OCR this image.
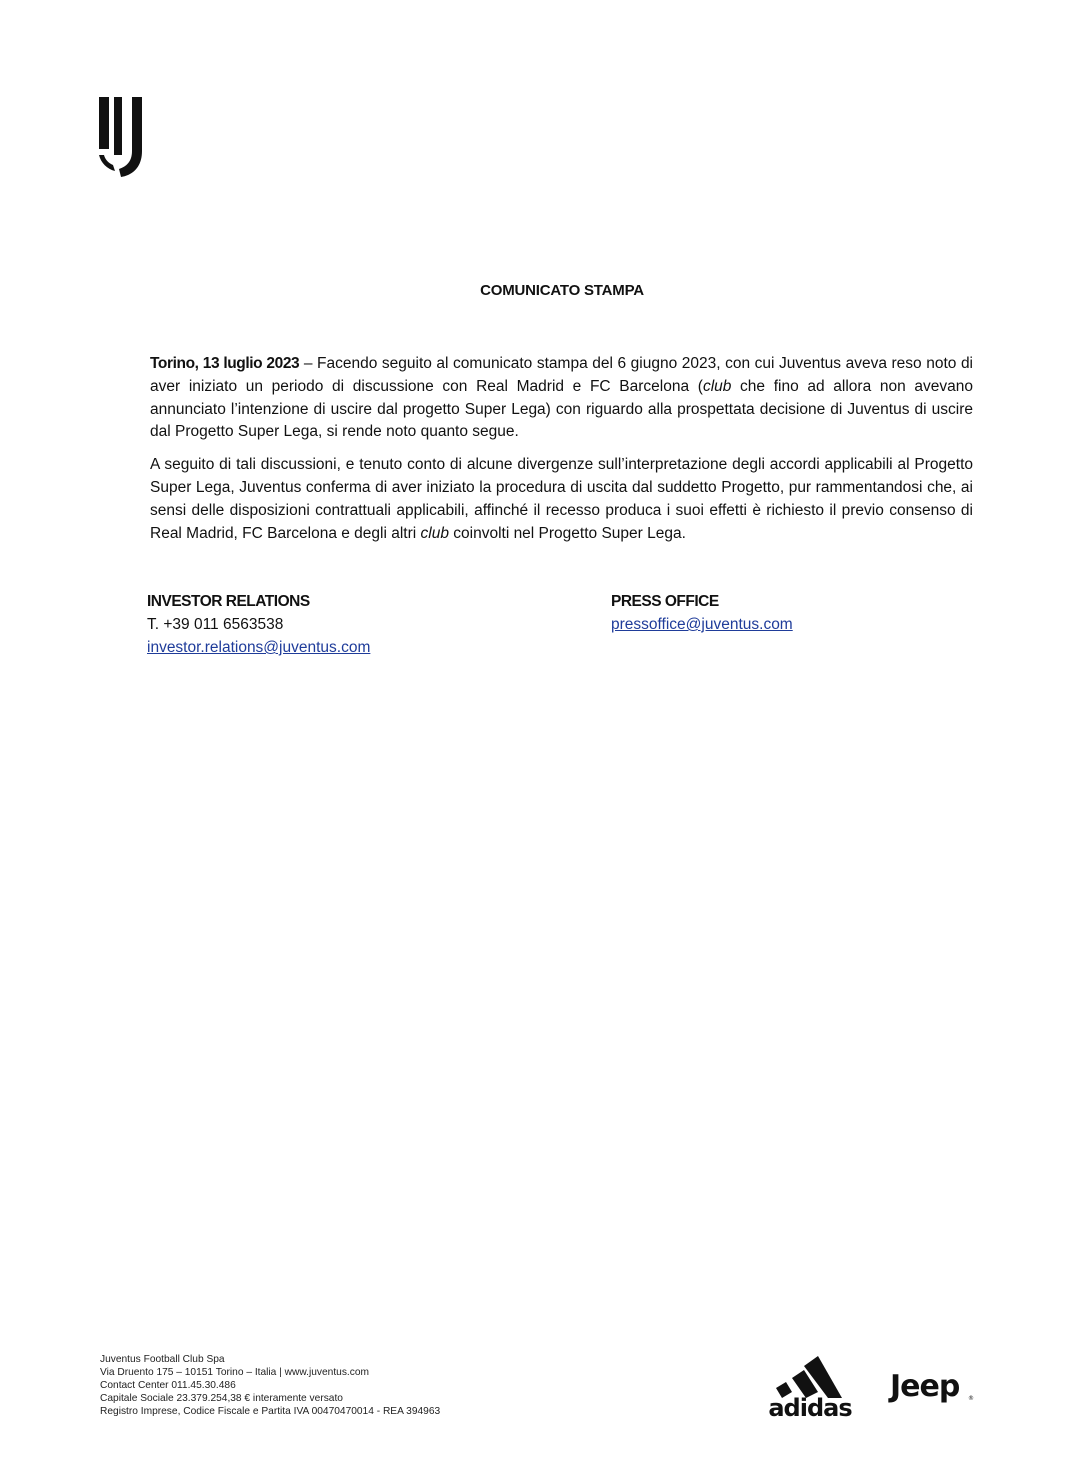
COMUNICATO STAMPA

Torino, 13 luglio 2023 – Facendo seguito al comunicato stampa del 6 giugno 2023, con cui Juventus aveva reso noto di aver iniziato un periodo di discussione con Real Madrid e FC Barcelona (club che fino ad allora non avevano annunciato l’intenzione di uscire dal progetto Super Lega) con riguardo alla prospettata decisione di Juventus di uscire dal Progetto Super Lega, si rende noto quanto segue.

A seguito di tali discussioni, e tenuto conto di alcune divergenze sull’interpretazione degli accordi applicabili al Progetto Super Lega, Juventus conferma di aver iniziato la procedura di uscita dal suddetto Progetto, pur rammentandosi che, ai sensi delle disposizioni contrattuali applicabili, affinché il recesso produca i suoi effetti è richiesto il previo consenso di Real Madrid, FC Barcelona e degli altri club coinvolti nel Progetto Super Lega.

INVESTOR RELATIONS
T. +39 011 6563538
investor.relations@juventus.com
PRESS OFFICE
pressoffice@juventus.com
Juventus Football Club Spa
Via Druento 175 – 10151 Torino – Italia | www.juventus.com
Contact Center 011.45.30.486
Capitale Sociale 23.379.254,38 € interamente versato
Registro Imprese, Codice Fiscale e Partita IVA 00470470014 - REA 394963	adidas
Jeep ®
